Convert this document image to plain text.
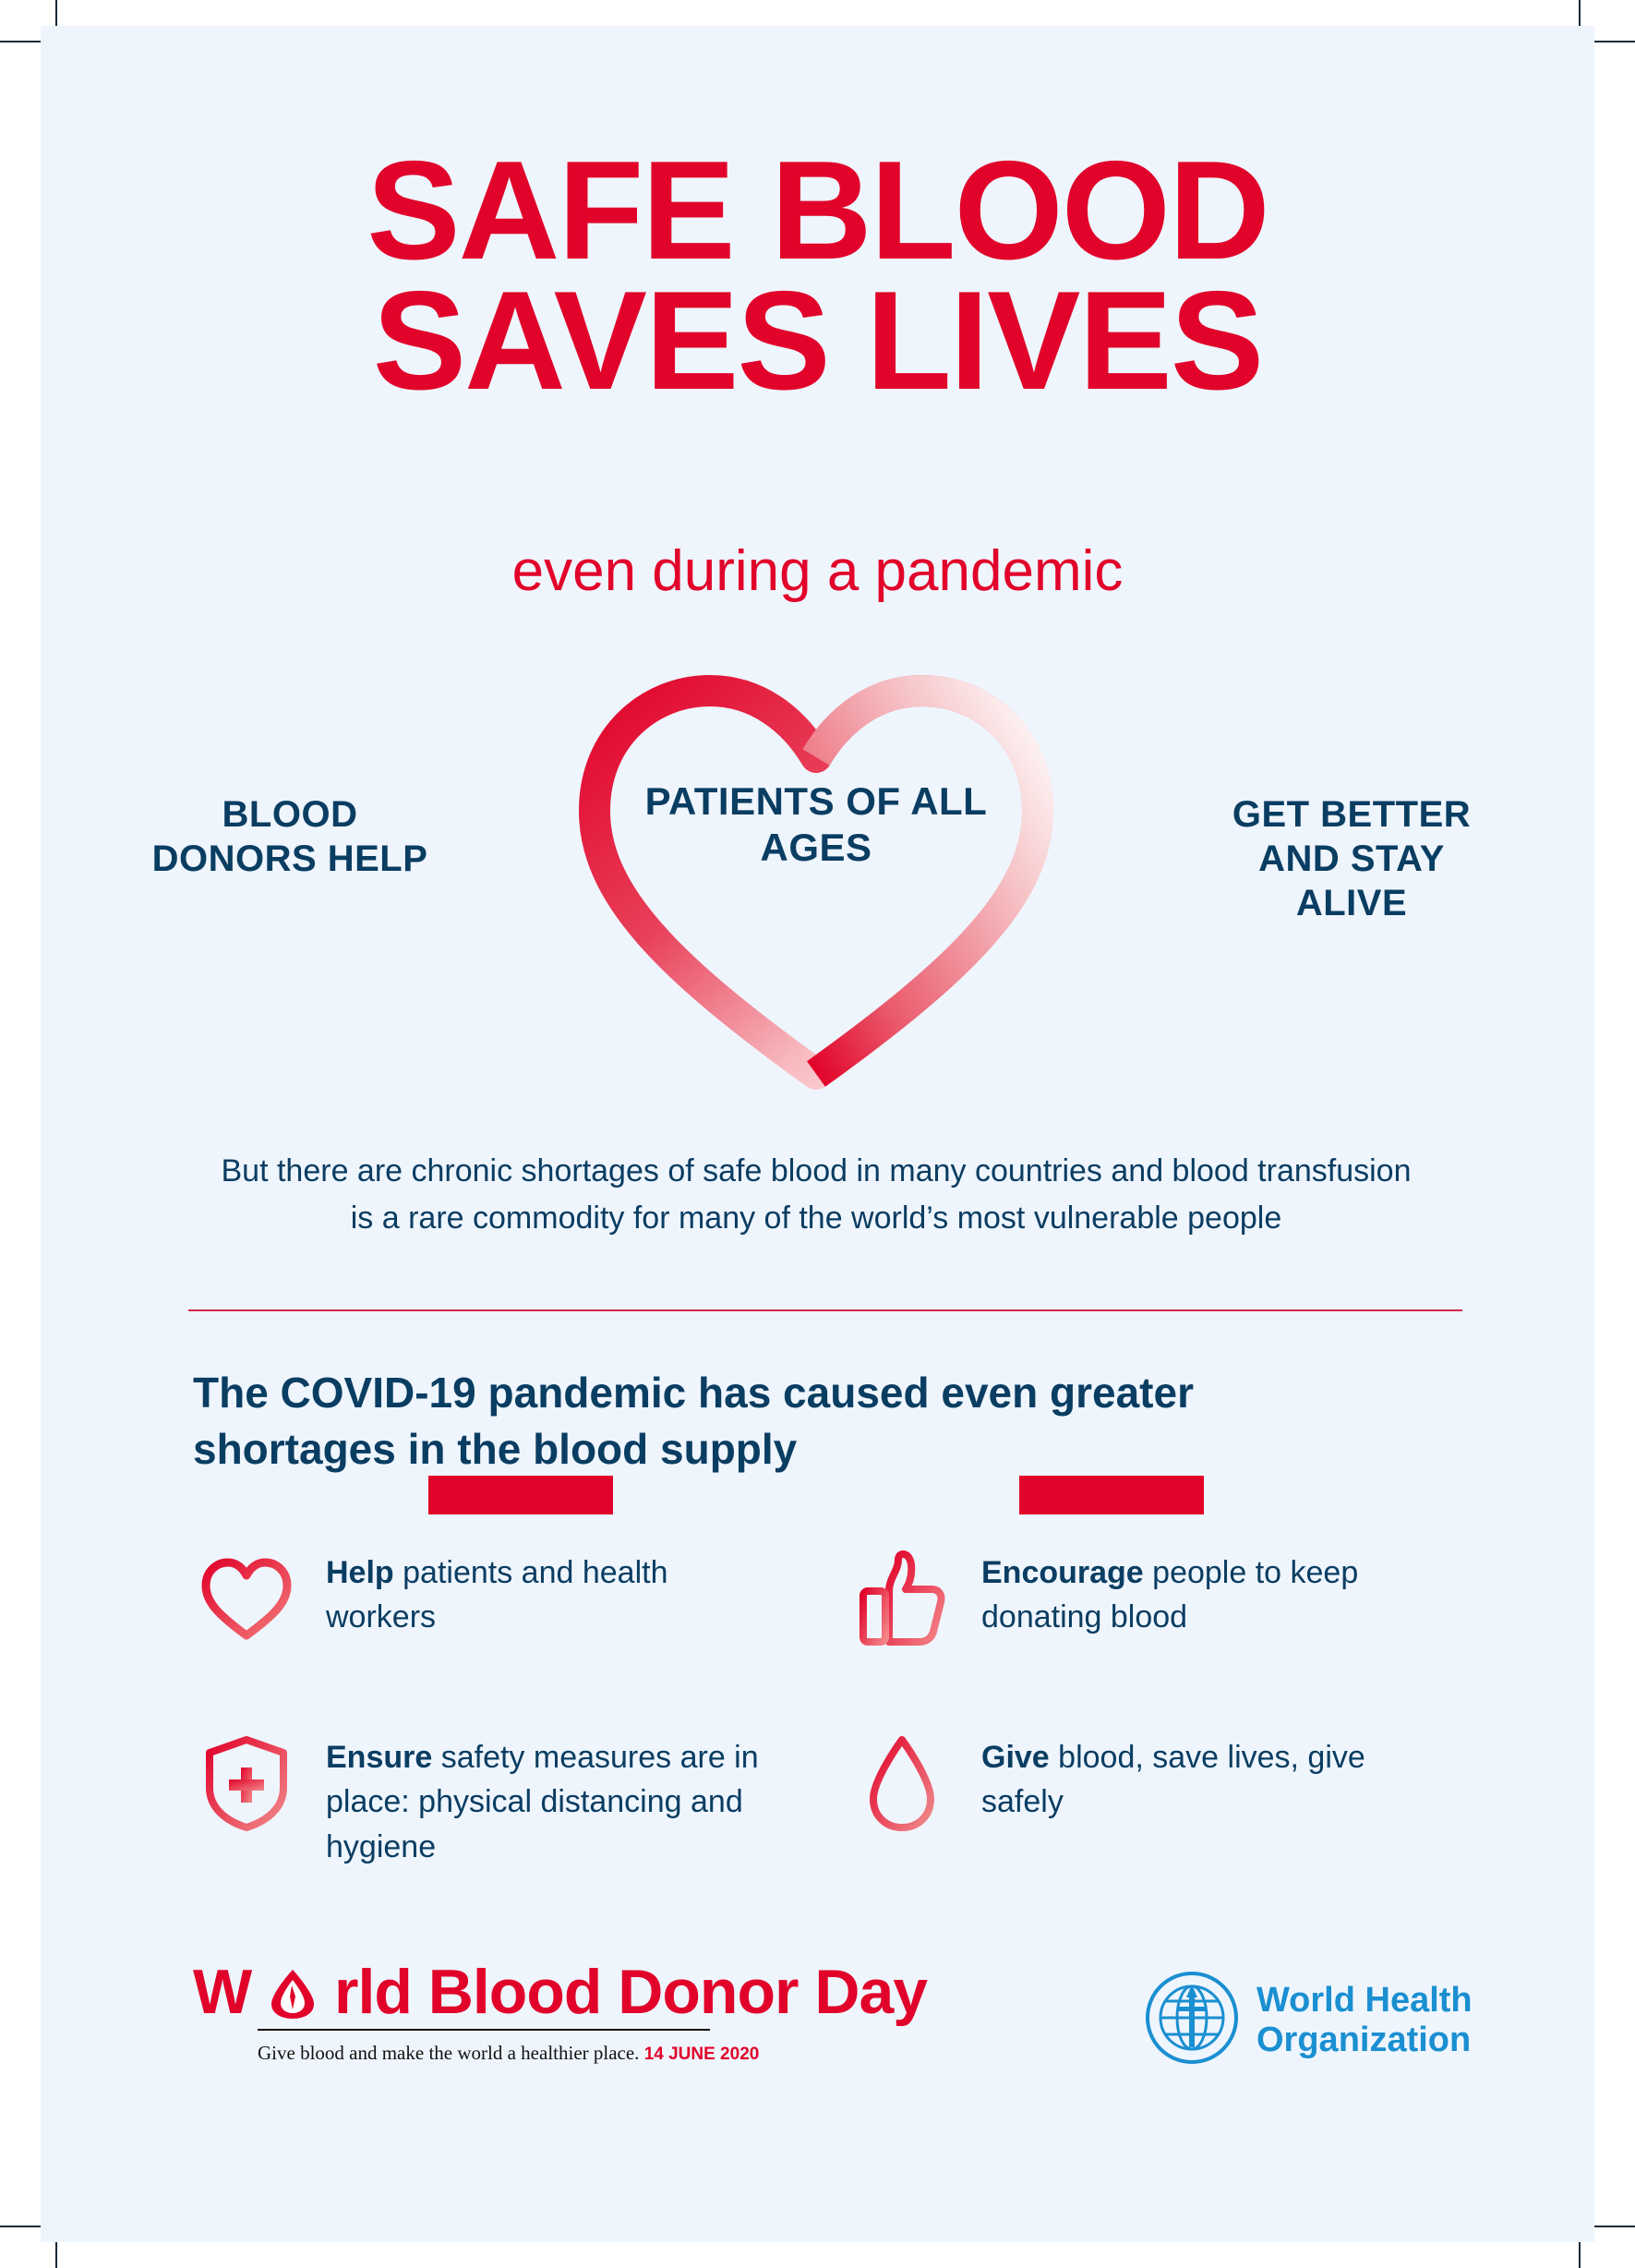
SAFE BLOOD
SAVES LIVES
even during a pandemic
BLOOD DONORS HELP
PATIENTS OF ALL AGES
GET BETTER AND STAY ALIVE
But there are chronic shortages of safe blood in many countries and blood transfusion is a rare commodity for many of the world’s most vulnerable people
The COVID-19 pandemic has caused even greater shortages in the blood supply
Help patients and health workers
Encourage people to keep donating blood
Ensure safety measures are in place: physical distancing and hygiene
Give blood, save lives, give safely
W rld Blood Donor Day
Give blood and make the world a healthier place. 14 JUNE 2020
World Health
Organization
